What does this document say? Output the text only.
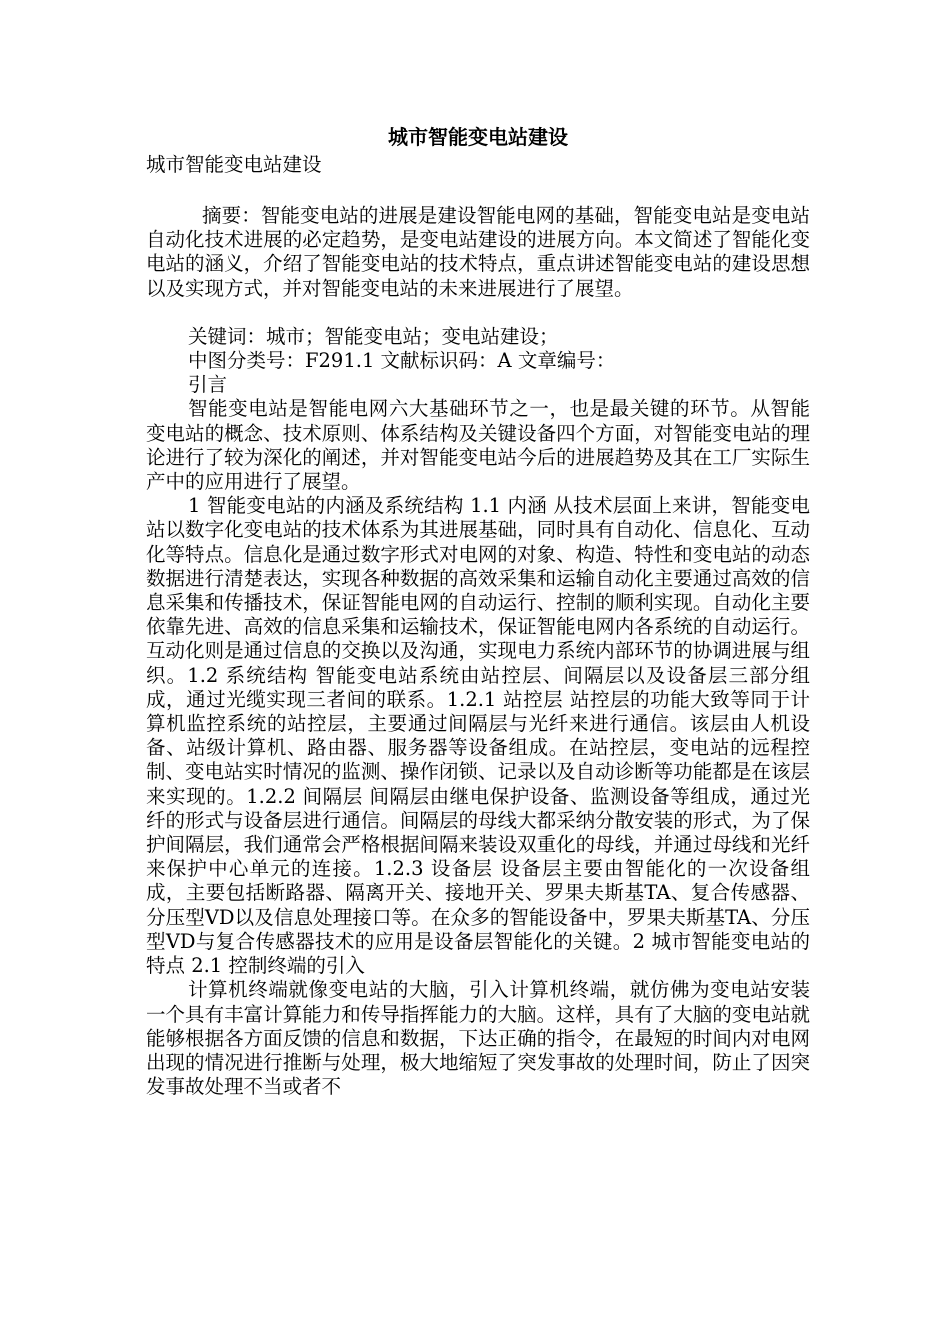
城市智能变电站建设
城市智能变电站建设

摘要：智能变电站的进展是建设智能电网的基础，智能变电站是变电站自动化技术进展的必定趋势，是变电站建设的进展方向。本文简述了智能化变电站的涵义，介绍了智能变电站的技术特点，重点讲述智能变电站的建设思想以及实现方式，并对智能变电站的未来进展进行了展望。

关键词：城市；智能变电站；变电站建设；

中图分类号：F291.1 文献标识码：A 文章编号：

引言

智能变电站是智能电网六大基础环节之一，也是最关键的环节。从智能变电站的概念、技术原则、体系结构及关键设备四个方面，对智能变电站的理论进行了较为深化的阐述，并对智能变电站今后的进展趋势及其在工厂实际生产中的应用进行了展望。

1 智能变电站的内涵及系统结构 1.1 内涵 从技术层面上来讲，智能变电站以数字化变电站的技术体系为其进展基础，同时具有自动化、信息化、互动化等特点。信息化是通过数字形式对电网的对象、构造、特性和变电站的动态数据进行清楚表达，实现各种数据的高效采集和运输自动化主要通过高效的信息采集和传播技术，保证智能电网的自动运行、控制的顺利实现。自动化主要依靠先进、高效的信息采集和运输技术，保证智能电网内各系统的自动运行。互动化则是通过信息的交换以及沟通，实现电力系统内部环节的协调进展与组织。1.2 系统结构 智能变电站系统由站控层、间隔层以及设备层三部分组成，通过光缆实现三者间的联系。1.2.1 站控层 站控层的功能大致等同于计算机监控系统的站控层，主要通过间隔层与光纤来进行通信。该层由人机设备、站级计算机、路由器、服务器等设备组成。在站控层，变电站的远程控制、变电站实时情况的监测、操作闭锁、记录以及自动诊断等功能都是在该层来实现的。1.2.2 间隔层 间隔层由继电保护设备、监测设备等组成，通过光纤的形式与设备层进行通信。间隔层的母线大都采纳分散安装的形式，为了保护间隔层，我们通常会严格根据间隔来装设双重化的母线，并通过母线和光纤来保护中心单元的连接。1.2.3 设备层 设备层主要由智能化的一次设备组成，主要包括断路器、隔离开关、接地开关、罗果夫斯基TA、复合传感器、分压型VD以及信息处理接口等。在众多的智能设备中，罗果夫斯基TA、分压型VD与复合传感器技术的应用是设备层智能化的关键。2 城市智能变电站的特点 2.1 控制终端的引入

计算机终端就像变电站的大脑，引入计算机终端，就仿佛为变电站安装一个具有丰富计算能力和传导指挥能力的大脑。这样，具有了大脑的变电站就能够根据各方面反馈的信息和数据，下达正确的指令，在最短的时间内对电网出现的情况进行推断与处理，极大地缩短了突发事故的处理时间，防止了因突发事故处理不当或者不
